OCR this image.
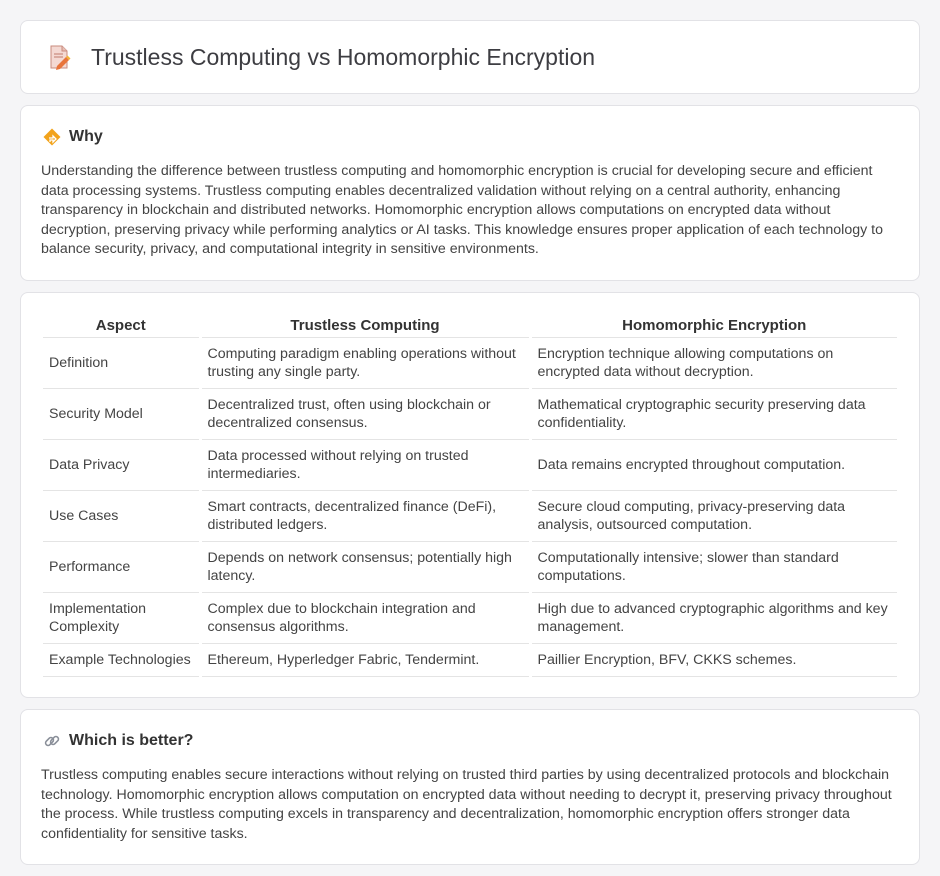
Trustless Computing vs Homomorphic Encryption
Why

Understanding the difference between trustless computing and homomorphic encryption is crucial for developing secure and efficient data processing systems. Trustless computing enables decentralized validation without relying on a central authority, enhancing transparency in blockchain and distributed networks. Homomorphic encryption allows computations on encrypted data without decryption, preserving privacy while performing analytics or AI tasks. This knowledge ensures proper application of each technology to balance security, privacy, and computational integrity in sensitive environments.

Aspect	Trustless Computing	Homomorphic Encryption
Definition	Computing paradigm enabling operations without trusting any single party.	Encryption technique allowing computations on encrypted data without decryption.
Security Model	Decentralized trust, often using blockchain or decentralized consensus.	Mathematical cryptographic security preserving data confidentiality.
Data Privacy	Data processed without relying on trusted intermediaries.	Data remains encrypted throughout computation.
Use Cases	Smart contracts, decentralized finance (DeFi), distributed ledgers.	Secure cloud computing, privacy-preserving data analysis, outsourced computation.
Performance	Depends on network consensus; potentially high latency.	Computationally intensive; slower than standard computations.
Implementation Complexity	Complex due to blockchain integration and consensus algorithms.	High due to advanced cryptographic algorithms and key management.
Example Technologies	Ethereum, Hyperledger Fabric, Tendermint.	Paillier Encryption, BFV, CKKS schemes.
Which is better?

Trustless computing enables secure interactions without relying on trusted third parties by using decentralized protocols and blockchain technology. Homomorphic encryption allows computation on encrypted data without needing to decrypt it, preserving privacy throughout the process. While trustless computing excels in transparency and decentralization, homomorphic encryption offers stronger data confidentiality for sensitive tasks.
